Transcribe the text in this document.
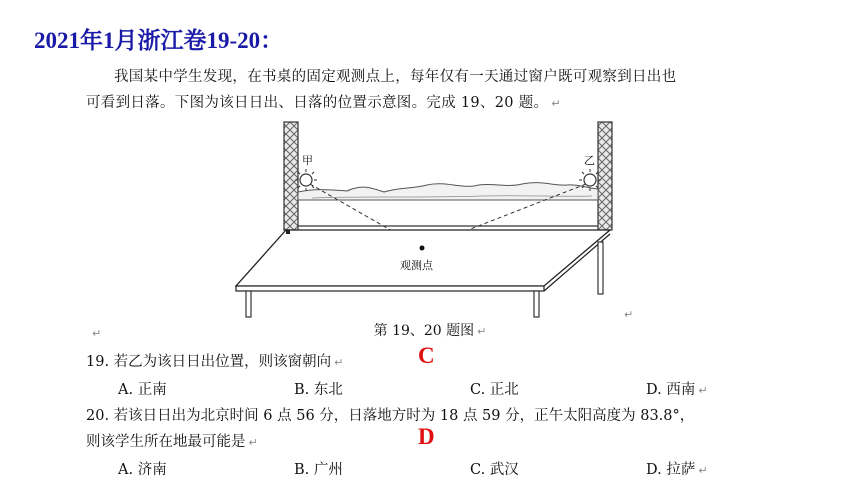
2021年1月浙江卷19-20：

我国某中学生发现，在书桌的固定观测点上，每年仅有一天通过窗户既可观察到日出也

可看到日落。下图为该日日出、日落的位置示意图。完成 19、20 题。 ↵

甲	乙
观测点
↵
↵
第 19、20 题图 ↵
19. 若乙为该日日出位置，则该窗朝向 ↵	C
A. 正南	B. 东北	C. 正北	D. 西南 ↵
20. 若该日日出为北京时间 6 点 56 分，日落地方时为 18 点 59 分，正午太阳高度为 83.8°，
则该学生所在地最可能是 ↵	D
A. 济南	B. 广州	C. 武汉	D. 拉萨 ↵
